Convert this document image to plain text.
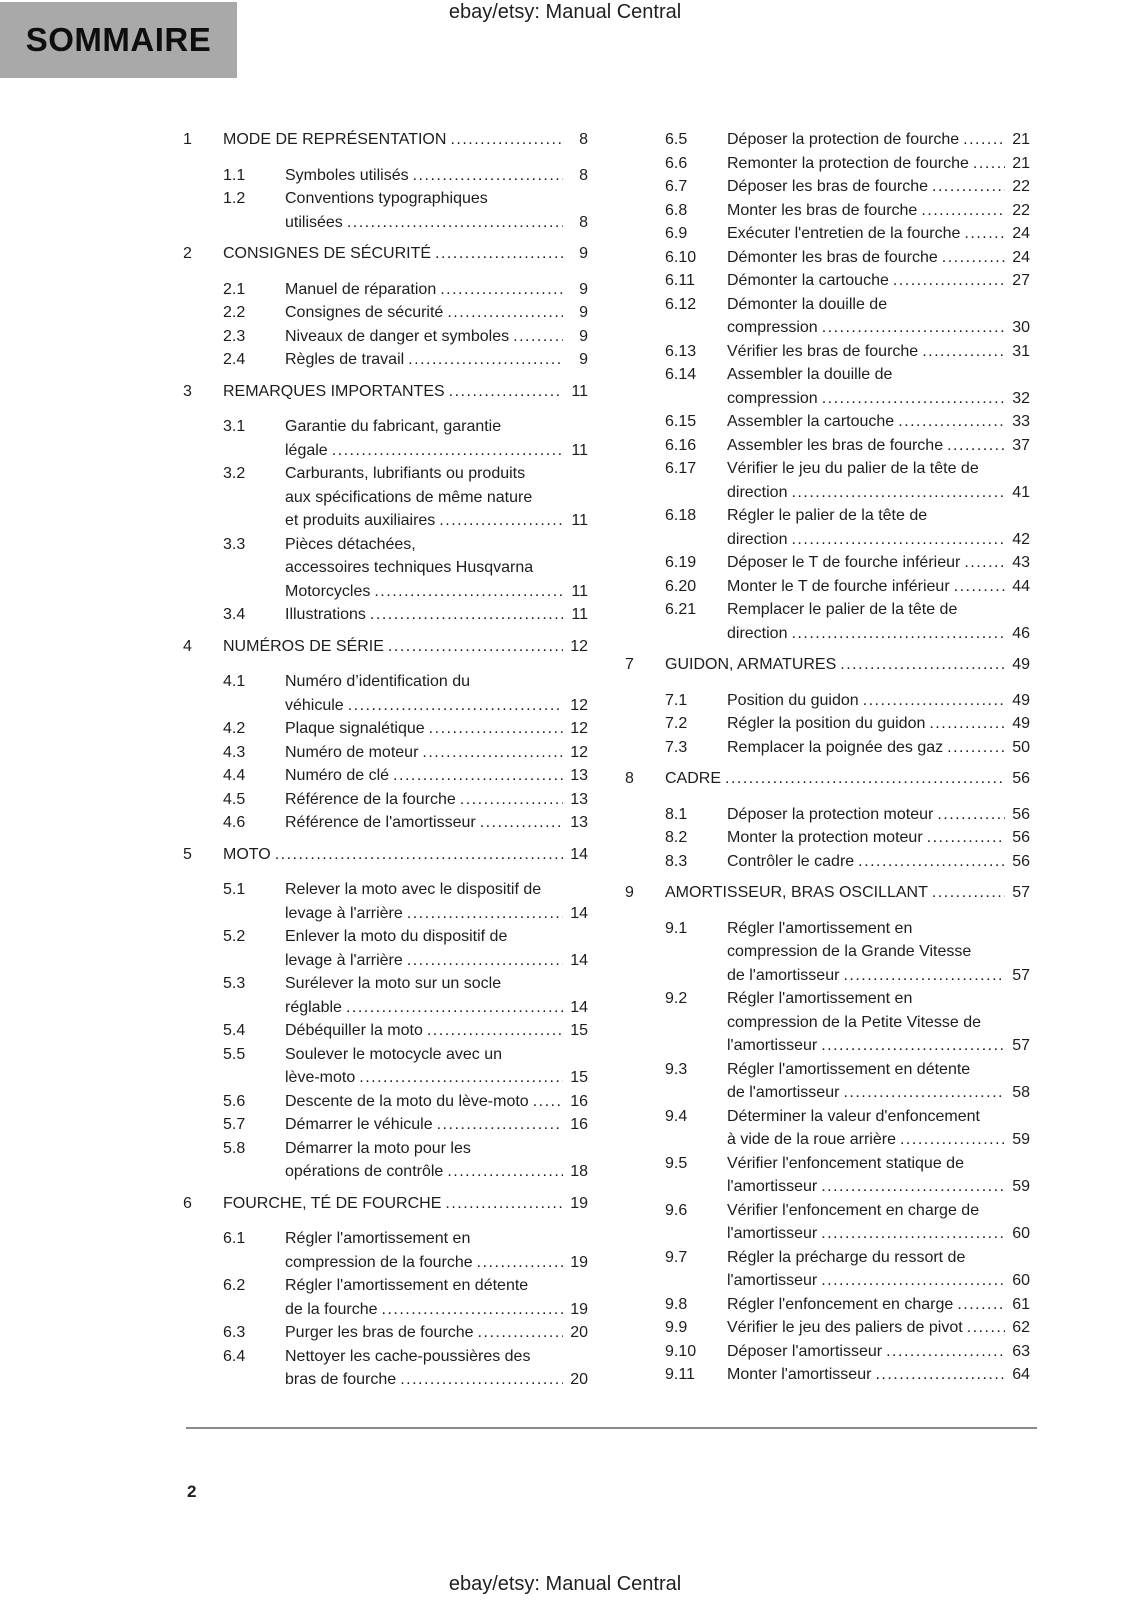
ebay/etsy: Manual Central
SOMMAIRE
1	MODE DE REPRÉSENTATION .....	8
1.1	Symboles utilisés .....	8
1.2	Conventions typographiques
utilisées .....	8
2	CONSIGNES DE SÉCURITÉ .....	9
2.1	Manuel de réparation .....	9
2.2	Consignes de sécurité .....	9
2.3	Niveaux de danger et symboles .....	9
2.4	Règles de travail .....	9
3	REMARQUES IMPORTANTES .....	11
3.1	Garantie du fabricant, garantie
légale .....	11
3.2	Carburants, lubrifiants ou produits
aux spécifications de même nature
et produits auxiliaires .....	11
3.3	Pièces détachées,
accessoires techniques Husqvarna
Motorcycles .....	11
3.4	Illustrations .....	11
4	NUMÉROS DE SÉRIE .....	12
4.1	Numéro d’identification du
véhicule .....	12
4.2	Plaque signalétique .....	12
4.3	Numéro de moteur .....	12
4.4	Numéro de clé .....	13
4.5	Référence de la fourche .....	13
4.6	Référence de l'amortisseur .....	13
5	MOTO .....	14
5.1	Relever la moto avec le dispositif de
levage à l'arrière .....	14
5.2	Enlever la moto du dispositif de
levage à l'arrière .....	14
5.3	Surélever la moto sur un socle
réglable .....	14
5.4	Débéquiller la moto .....	15
5.5	Soulever le motocycle avec un
lève-moto .....	15
5.6	Descente de la moto du lève-moto .....	16
5.7	Démarrer le véhicule .....	16
5.8	Démarrer la moto pour les
opérations de contrôle .....	18
6	FOURCHE, TÉ DE FOURCHE .....	19
6.1	Régler l'amortissement en
compression de la fourche .....	19
6.2	Régler l'amortissement en détente
de la fourche .....	19
6.3	Purger les bras de fourche .....	20
6.4	Nettoyer les cache-poussières des
bras de fourche .....	20
6.5	Déposer la protection de fourche .....	21
6.6	Remonter la protection de fourche .....	21
6.7	Déposer les bras de fourche .....	22
6.8	Monter les bras de fourche .....	22
6.9	Exécuter l'entretien de la fourche .....	24
6.10	Démonter les bras de fourche .....	24
6.11	Démonter la cartouche .....	27
6.12	Démonter la douille de
compression .....	30
6.13	Vérifier les bras de fourche .....	31
6.14	Assembler la douille de
compression .....	32
6.15	Assembler la cartouche .....	33
6.16	Assembler les bras de fourche .....	37
6.17	Vérifier le jeu du palier de la tête de
direction .....	41
6.18	Régler le palier de la tête de
direction .....	42
6.19	Déposer le T de fourche inférieur .....	43
6.20	Monter le T de fourche inférieur .....	44
6.21	Remplacer le palier de la tête de
direction .....	46
7	GUIDON, ARMATURES .....	49
7.1	Position du guidon .....	49
7.2	Régler la position du guidon .....	49
7.3	Remplacer la poignée des gaz .....	50
8	CADRE .....	56
8.1	Déposer la protection moteur .....	56
8.2	Monter la protection moteur .....	56
8.3	Contrôler le cadre .....	56
9	AMORTISSEUR, BRAS OSCILLANT .....	57
9.1	Régler l'amortissement en
compression de la Grande Vitesse
de l'amortisseur .....	57
9.2	Régler l'amortissement en
compression de la Petite Vitesse de
l'amortisseur .....	57
9.3	Régler l'amortissement en détente
de l'amortisseur .....	58
9.4	Déterminer la valeur d'enfoncement
à vide de la roue arrière .....	59
9.5	Vérifier l'enfoncement statique de
l'amortisseur .....	59
9.6	Vérifier l'enfoncement en charge de
l'amortisseur .....	60
9.7	Régler la précharge du ressort de
l'amortisseur .....	60
9.8	Régler l'enfoncement en charge .....	61
9.9	Vérifier le jeu des paliers de pivot .....	62
9.10	Déposer l'amortisseur .....	63
9.11	Monter l'amortisseur .....	64
2
ebay/etsy: Manual Central
